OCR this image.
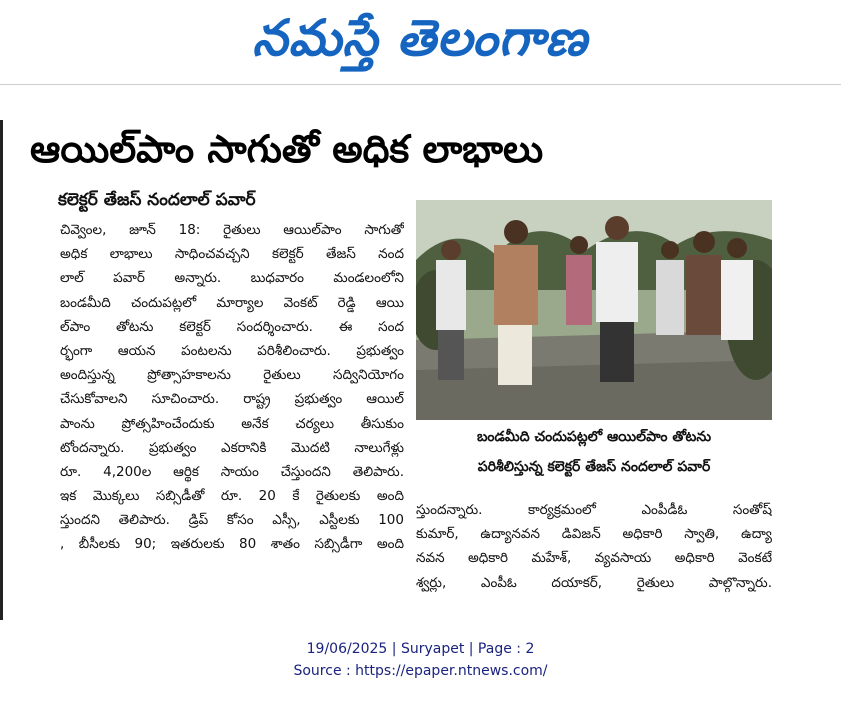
నమస్తే తెలంగాణ
ఆయిల్‌పాం సాగుతో అధిక లాభాలు
కలెక్టర్ తేజస్ నందలాల్ పవార్
చివ్వెంల, జూన్ 18: రైతులు ఆయిల్‌పాం సాగుతో
అధిక లాభాలు సాధించవచ్చని కలెక్టర్ తేజస్ నంద
లాల్ పవార్ అన్నారు. బుధవారం మండలంలోని
బండమీది చందుపట్లలో మార్యాల వెంకట్ రెడ్డి ఆయి
ల్‌పాం తోటను కలెక్టర్ సందర్శించారు. ఈ సంద
ర్భంగా ఆయన పంటలను పరిశీలించారు. ప్రభుత్వం
అందిస్తున్న ప్రోత్సాహకాలను రైతులు సద్వినియోగం
చేసుకోవాలని సూచించారు. రాష్ట్ర ప్రభుత్వం ఆయిల్
పాంను ప్రోత్సహించేందుకు అనేక చర్యలు తీసుకుం
టోందన్నారు. ప్రభుత్వం ఎకరానికి మొదటి నాలుగేళ్లు
రూ. 4,200ల ఆర్థిక సాయం చేస్తుందని తెలిపారు.
ఇక మొక్కలు సబ్సిడీతో రూ. 20 కే రైతులకు అంది
స్తుందని తెలిపారు. డ్రిప్ కోసం ఎస్సీ, ఎస్టీలకు 100
, బీసీలకు 90; ఇతరులకు 80 శాతం సబ్సిడీగా అంది
బండమీది చందుపట్లలో ఆయిల్‌పాం తోటను
పరిశీలిస్తున్న కలెక్టర్ తేజస్ నందలాల్ పవార్
స్తుందన్నారు. కార్యక్రమంలో ఎంపీడీఓ సంతోష్
కుమార్, ఉద్యానవన డివిజన్ అధికారి స్వాతి, ఉద్యా
నవన అధికారి మహేశ్, వ్యవసాయ అధికారి వెంకటే
శ్వర్లు, ఎంపీఓ దయాకర్, రైతులు పాల్గొన్నారు.
19/06/2025 | Suryapet | Page : 2
Source : https://epaper.ntnews.com/
